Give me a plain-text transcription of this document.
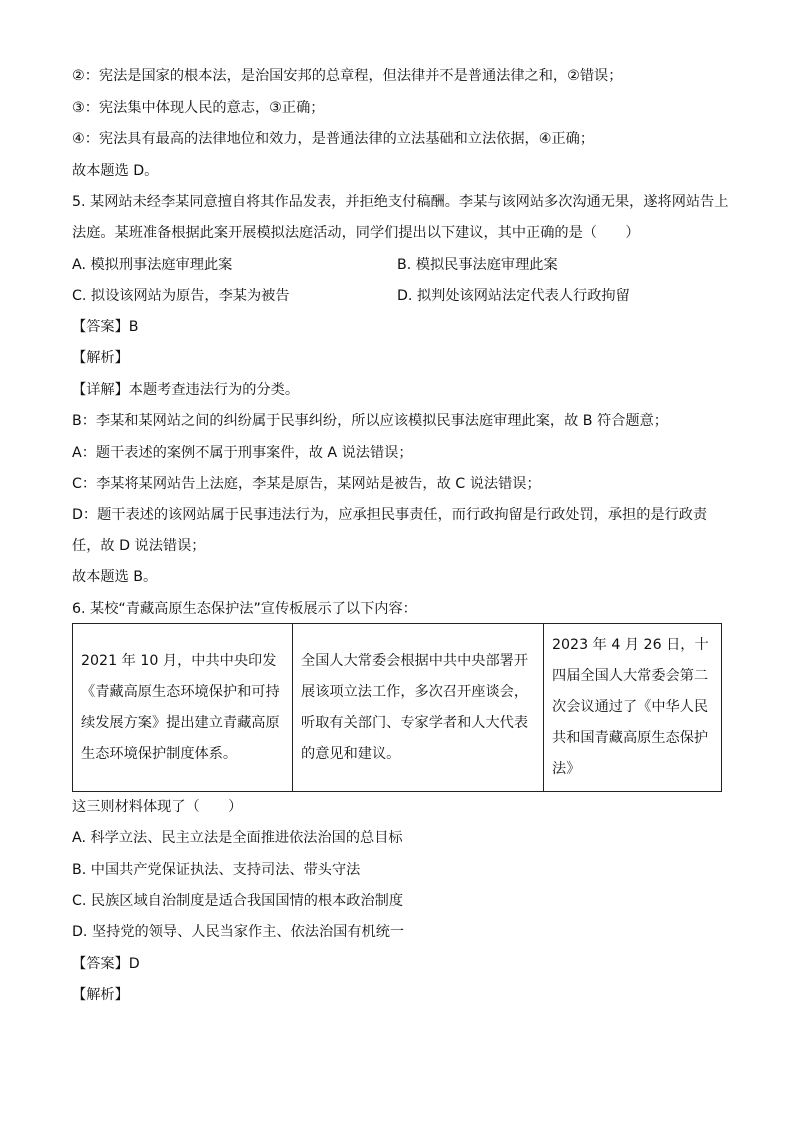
②：宪法是国家的根本法，是治国安邦的总章程，但法律并不是普通法律之和，②错误；
③：宪法集中体现人民的意志，③正确；
④：宪法具有最高的法律地位和效力，是普通法律的立法基础和立法依据，④正确；
故本题选 D。
5. 某网站未经李某同意擅自将其作品发表，并拒绝支付稿酬。李某与该网站多次沟通无果，遂将网站告上
法庭。某班准备根据此案开展模拟法庭活动，同学们提出以下建议，其中正确的是（　　）
A. 模拟刑事法庭审理此案	B. 模拟民事法庭审理此案
C. 拟设该网站为原告，李某为被告	D. 拟判处该网站法定代表人行政拘留
【答案】B
【解析】
【详解】本题考查违法行为的分类。
B：李某和某网站之间的纠纷属于民事纠纷，所以应该模拟民事法庭审理此案，故 B 符合题意；
A：题干表述的案例不属于刑事案件，故 A 说法错误；
C：李某将某网站告上法庭，李某是原告，某网站是被告，故 C 说法错误；
D：题干表述的该网站属于民事违法行为，应承担民事责任，而行政拘留是行政处罚，承担的是行政责
任，故 D 说法错误；
故本题选 B。
6. 某校“青藏高原生态保护法”宣传板展示了以下内容：
2021 年 10 月，中共中央印发《青藏高原生态环境保护和可持续发展方案》提出建立青藏高原生态环境保护制度体系。	全国人大常委会根据中共中央部署开展该项立法工作，多次召开座谈会，听取有关部门、专家学者和人大代表的意见和建议。	2023 年 4 月 26 日，十四届全国人大常委会第二次会议通过了《中华人民共和国青藏高原生态保护法》
这三则材料体现了（　　）
A. 科学立法、民主立法是全面推进依法治国的总目标
B. 中国共产党保证执法、支持司法、带头守法
C. 民族区域自治制度是适合我国国情的根本政治制度
D. 坚持党的领导、人民当家作主、依法治国有机统一
【答案】D
【解析】
